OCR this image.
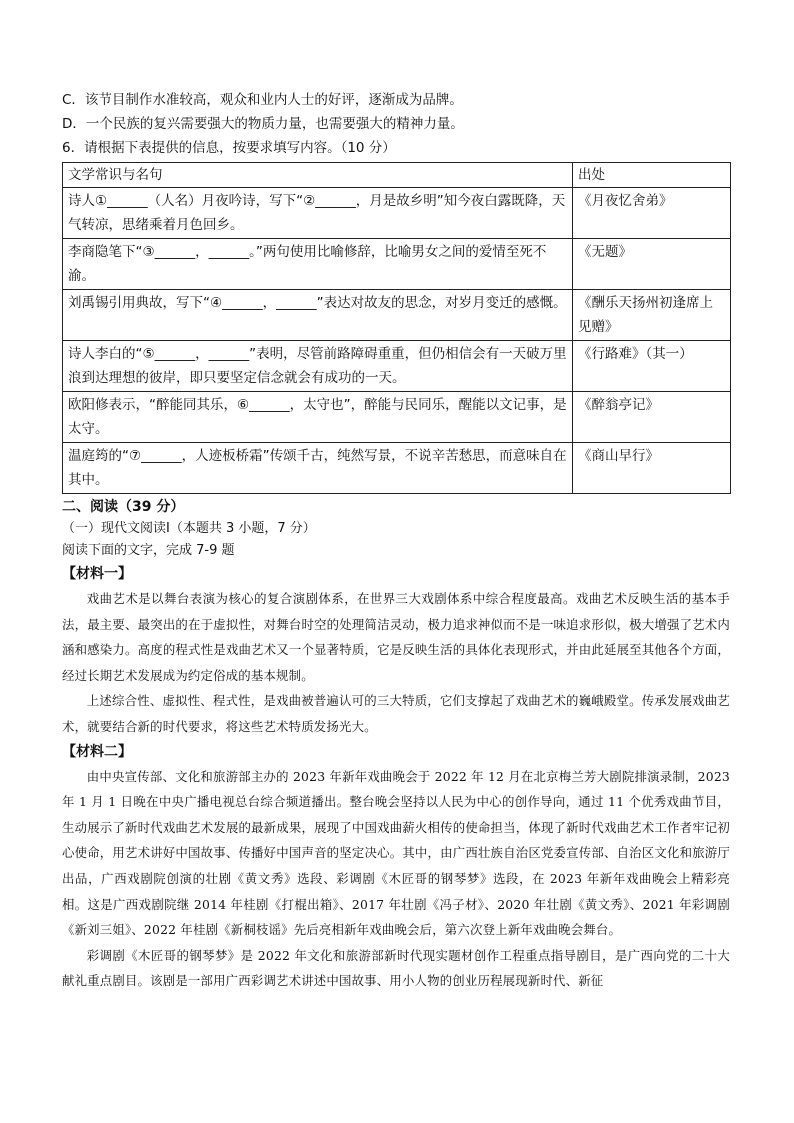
C．该节目制作水准较高，观众和业内人士的好评，逐渐成为品牌。
D．一个民族的复兴需要强大的物质力量，也需要强大的精神力量。
6．请根据下表提供的信息，按要求填写内容。（10 分）
文学常识与名句	出处
诗人①______（人名）月夜吟诗，写下“②______，月是故乡明”知今夜白露既降，天气转凉，思绪乘着月色回乡。	《月夜忆舍弟》
李商隐笔下“③______，______。”两句使用比喻修辞，比喻男女之间的爱情至死不渝。	《无题》
刘禹锡引用典故，写下“④______，______”表达对故友的思念，对岁月变迁的感慨。	《酬乐天扬州初逢席上见赠》
诗人李白的“⑤______，______”表明，尽管前路障碍重重，但仍相信会有一天破万里浪到达理想的彼岸，即只要坚定信念就会有成功的一天。	《行路难》（其一）
欧阳修表示，“醉能同其乐，⑥______，太守也”，醉能与民同乐，醒能以文记事，是太守。	《醉翁亭记》
温庭筠的“⑦______，人迹板桥霜”传颂千古，纯然写景，不说辛苦愁思，而意味自在其中。	《商山早行》
二、阅读（39 分）
（一）现代文阅读Ⅰ（本题共 3 小题，7 分）
阅读下面的文字，完成 7-9 题
【材料一】
戏曲艺术是以舞台表演为核心的复合演剧体系，在世界三大戏剧体系中综合程度最高。戏曲艺术反映生活的基本手法，最主要、最突出的在于虚拟性，对舞台时空的处理简洁灵动，极力追求神似而不是一味追求形似，极大增强了艺术内涵和感染力。高度的程式性是戏曲艺术又一个显著特质，它是反映生活的具体化表现形式，并由此延展至其他各个方面，经过长期艺术发展成为约定俗成的基本规制。
上述综合性、虚拟性、程式性，是戏曲被普遍认可的三大特质，它们支撑起了戏曲艺术的巍峨殿堂。传承发展戏曲艺术，就要结合新的时代要求，将这些艺术特质发扬光大。
【材料二】
由中央宣传部、文化和旅游部主办的 2023 年新年戏曲晚会于 2022 年 12 月在北京梅兰芳大剧院排演录制，2023 年 1 月 1 日晚在中央广播电视总台综合频道播出。整台晚会坚持以人民为中心的创作导向，通过 11 个优秀戏曲节目，生动展示了新时代戏曲艺术发展的最新成果，展现了中国戏曲薪火相传的使命担当，体现了新时代戏曲艺术工作者牢记初心使命，用艺术讲好中国故事、传播好中国声音的坚定决心。其中，由广西壮族自治区党委宣传部、自治区文化和旅游厅出品，广西戏剧院创演的壮剧《黄文秀》选段、彩调剧《木匠哥的钢琴梦》选段，在 2023 年新年戏曲晚会上精彩亮相。这是广西戏剧院继 2014 年桂剧《打棍出箱》、2017 年壮剧《冯子材》、2020 年壮剧《黄文秀》、2021 年彩调剧《新刘三姐》、2022 年桂剧《新桐枝谣》先后亮相新年戏曲晚会后，第六次登上新年戏曲晚会舞台。
彩调剧《木匠哥的钢琴梦》是 2022 年文化和旅游部新时代现实题材创作工程重点指导剧目，是广西向党的二十大献礼重点剧目。该剧是一部用广西彩调艺术讲述中国故事、用小人物的创业历程展现新时代、新征
